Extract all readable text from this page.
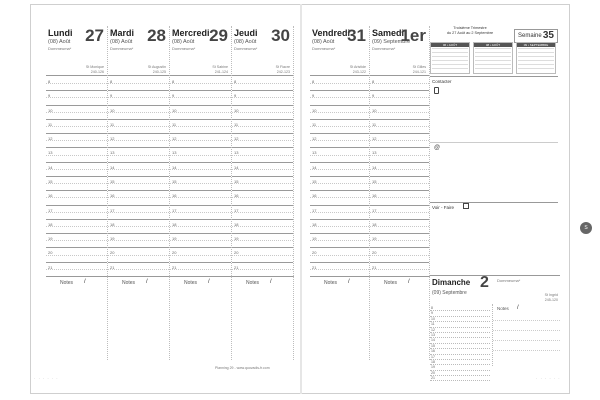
Lundi 27
(08) Août
Dommeuma*
St Monique
240-126
8
9
10
11
12
13
14
15
16
17
18
19
20
21
Notes /
Mardi 28
(08) Août
Dommeuma*
St Augustin
240-125
8
9
10
11
12
13
14
15
16
17
18
19
20
21
Notes /
Mercredi 29
(08) Août
Dommeuma*
St Sabine
241-124
8
9
10
11
12
13
14
15
16
17
18
19
20
21
Notes /
Jeudi 30
(08) Août
Dommeuma*
St Fiacre
242-123
8
9
10
11
12
13
14
15
16
17
18
19
20
21
Notes /
Vendredi
31
(08) Août
Dommeuma*
St Aristide
243-122
8
9
10
11
12
13
14
15
16
17
18
19
20
21
Notes /
Samedi
1er
(09) Septembre
Dommeuma*
St Gilles
244-121
8
9
10
11
12
13
14
15
16
17
18
19
20
21
Notes /
Planning 29 - www.quovadis-fr.com
Troisième Trimestre
du 27 Août au 2 Septembre	Semaine 35
06 • AOÛT	08 • AOÛT	09 • SEPTEMBRE
Contacter
@
Voir - Faire
Dimanche 2 Dommeuma*
(09) Septembre	St Ingrid
245-120
8
9
10
11
12
13
14
15
16
17
18
19
20
21
Notes /
S
· · · · · ·	· · · · · ·
